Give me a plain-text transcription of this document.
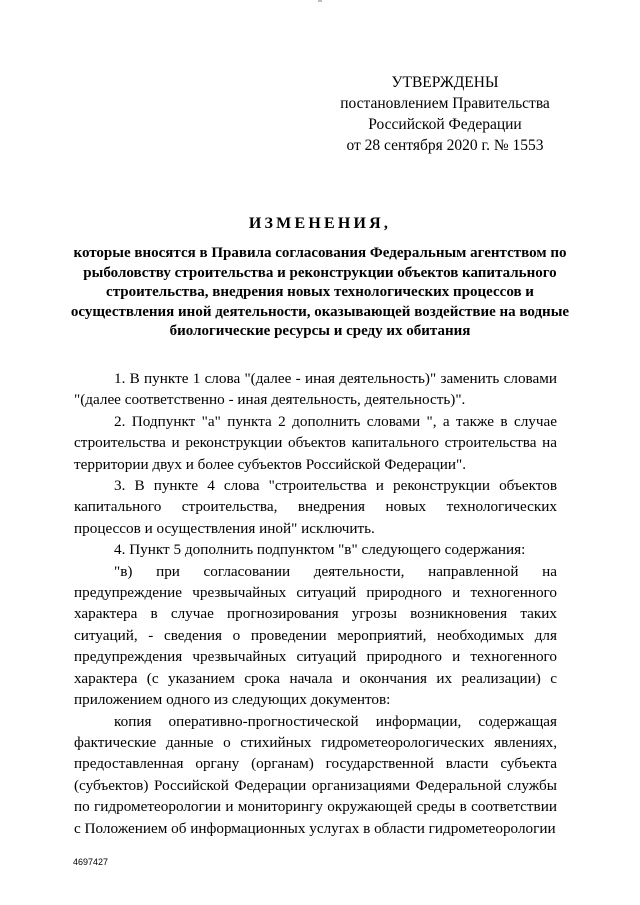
УТВЕРЖДЕНЫ
постановлением Правительства
Российской Федерации
от 28 сентября 2020 г. № 1553
ИЗМЕНЕНИЯ,
которые вносятся в Правила согласования Федеральным агентством по рыболовству строительства и реконструкции объектов капитального строительства, внедрения новых технологических процессов и осуществления иной деятельности, оказывающей воздействие на водные биологические ресурсы и среду их обитания

1. В пункте 1 слова "(далее - иная деятельность)" заменить словами "(далее соответственно - иная деятельность, деятельность)".

2. Подпункт "а" пункта 2 дополнить словами ", а также в случае строительства и реконструкции объектов капитального строительства на территории двух и более субъектов Российской Федерации".

3. В пункте 4 слова "строительства и реконструкции объектов капитального строительства, внедрения новых технологических процессов и осуществления иной" исключить.

4. Пункт 5 дополнить подпунктом "в" следующего содержания:

"в) при согласовании деятельности, направленной на предупреждение чрезвычайных ситуаций природного и техногенного характера в случае прогнозирования угрозы возникновения таких ситуаций, - сведения о проведении мероприятий, необходимых для предупреждения чрезвычайных ситуаций природного и техногенного характера (с указанием срока начала и окончания их реализации) с приложением одного из следующих документов:

копия оперативно-прогностической информации, содержащая фактические данные о стихийных гидрометеорологических явлениях, предоставленная органу (органам) государственной власти субъекта (субъектов) Российской Федерации организациями Федеральной службы по гидрометеорологии и мониторингу окружающей среды в соответствии с Положением об информационных услугах в области гидрометеорологии

4697427
